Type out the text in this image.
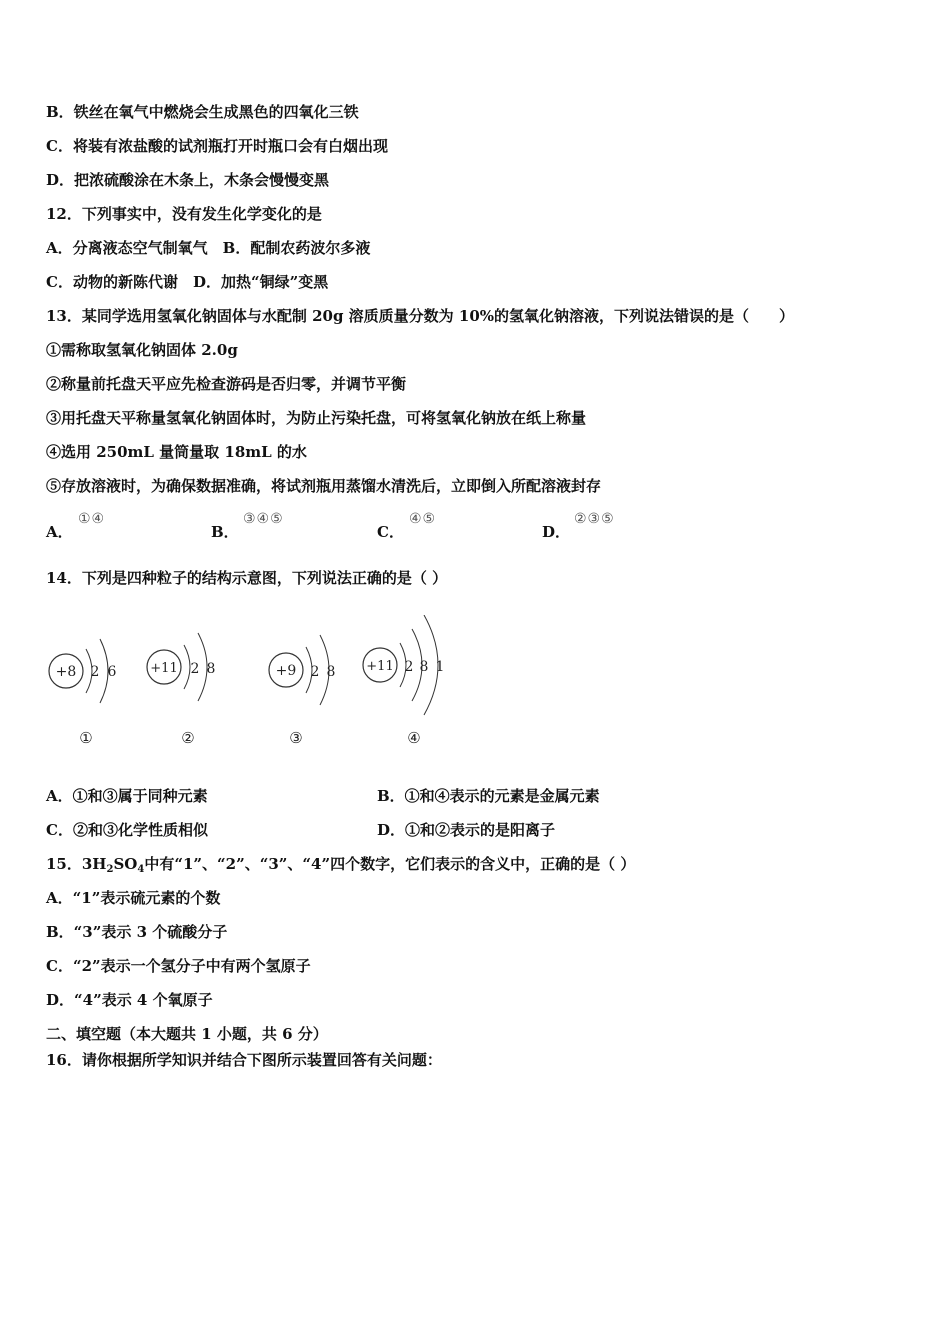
B．铁丝在氧气中燃烧会生成黑色的四氧化三铁
C．将装有浓盐酸的试剂瓶打开时瓶口会有白烟出现
D．把浓硫酸涂在木条上，木条会慢慢变黑
12．下列事实中，没有发生化学变化的是
A．分离液态空气制氧气　B．配制农药波尔多液
C．动物的新陈代谢　D．加热“铜绿”变黑
13．某同学选用氢氧化钠固体与水配制 20g 溶质质量分数为 10%的氢氧化钠溶液，下列说法错误的是（　　）
①需称取氢氧化钠固体 2.0g
②称量前托盘天平应先检查游码是否归零，并调节平衡
③用托盘天平称量氢氧化钠固体时，为防止污染托盘，可将氢氧化钠放在纸上称量
④选用 250mL 量筒量取 18mL 的水
⑤存放溶液时，为确保数据准确，将试剂瓶用蒸馏水清洗后，立即倒入所配溶液封存
A．
①④
B．
③④⑤
C．
④⑤
D．
②③⑤
14．下列是四种粒子的结构示意图，下列说法正确的是（ ）
+8 2 6
①
+11 2 8
②
+9 2 8
③
+11 2 8 1
④
A．①和③属于同种元素	B．①和④表示的元素是金属元素
C．②和③化学性质相似	D．①和②表示的是阳离子
15．$3H_2SO_4$中有“1”、“2”、“3”、“4”四个数字，它们表示的含义中，正确的是（ ）
A．“1”表示硫元素的个数
B．“3”表示 3 个硫酸分子
C．“2”表示一个氢分子中有两个氢原子
D．“4”表示 4 个氧原子
二、填空题（本大题共 1 小题，共 6 分）
16．请你根据所学知识并结合下图所示装置回答有关问题：
